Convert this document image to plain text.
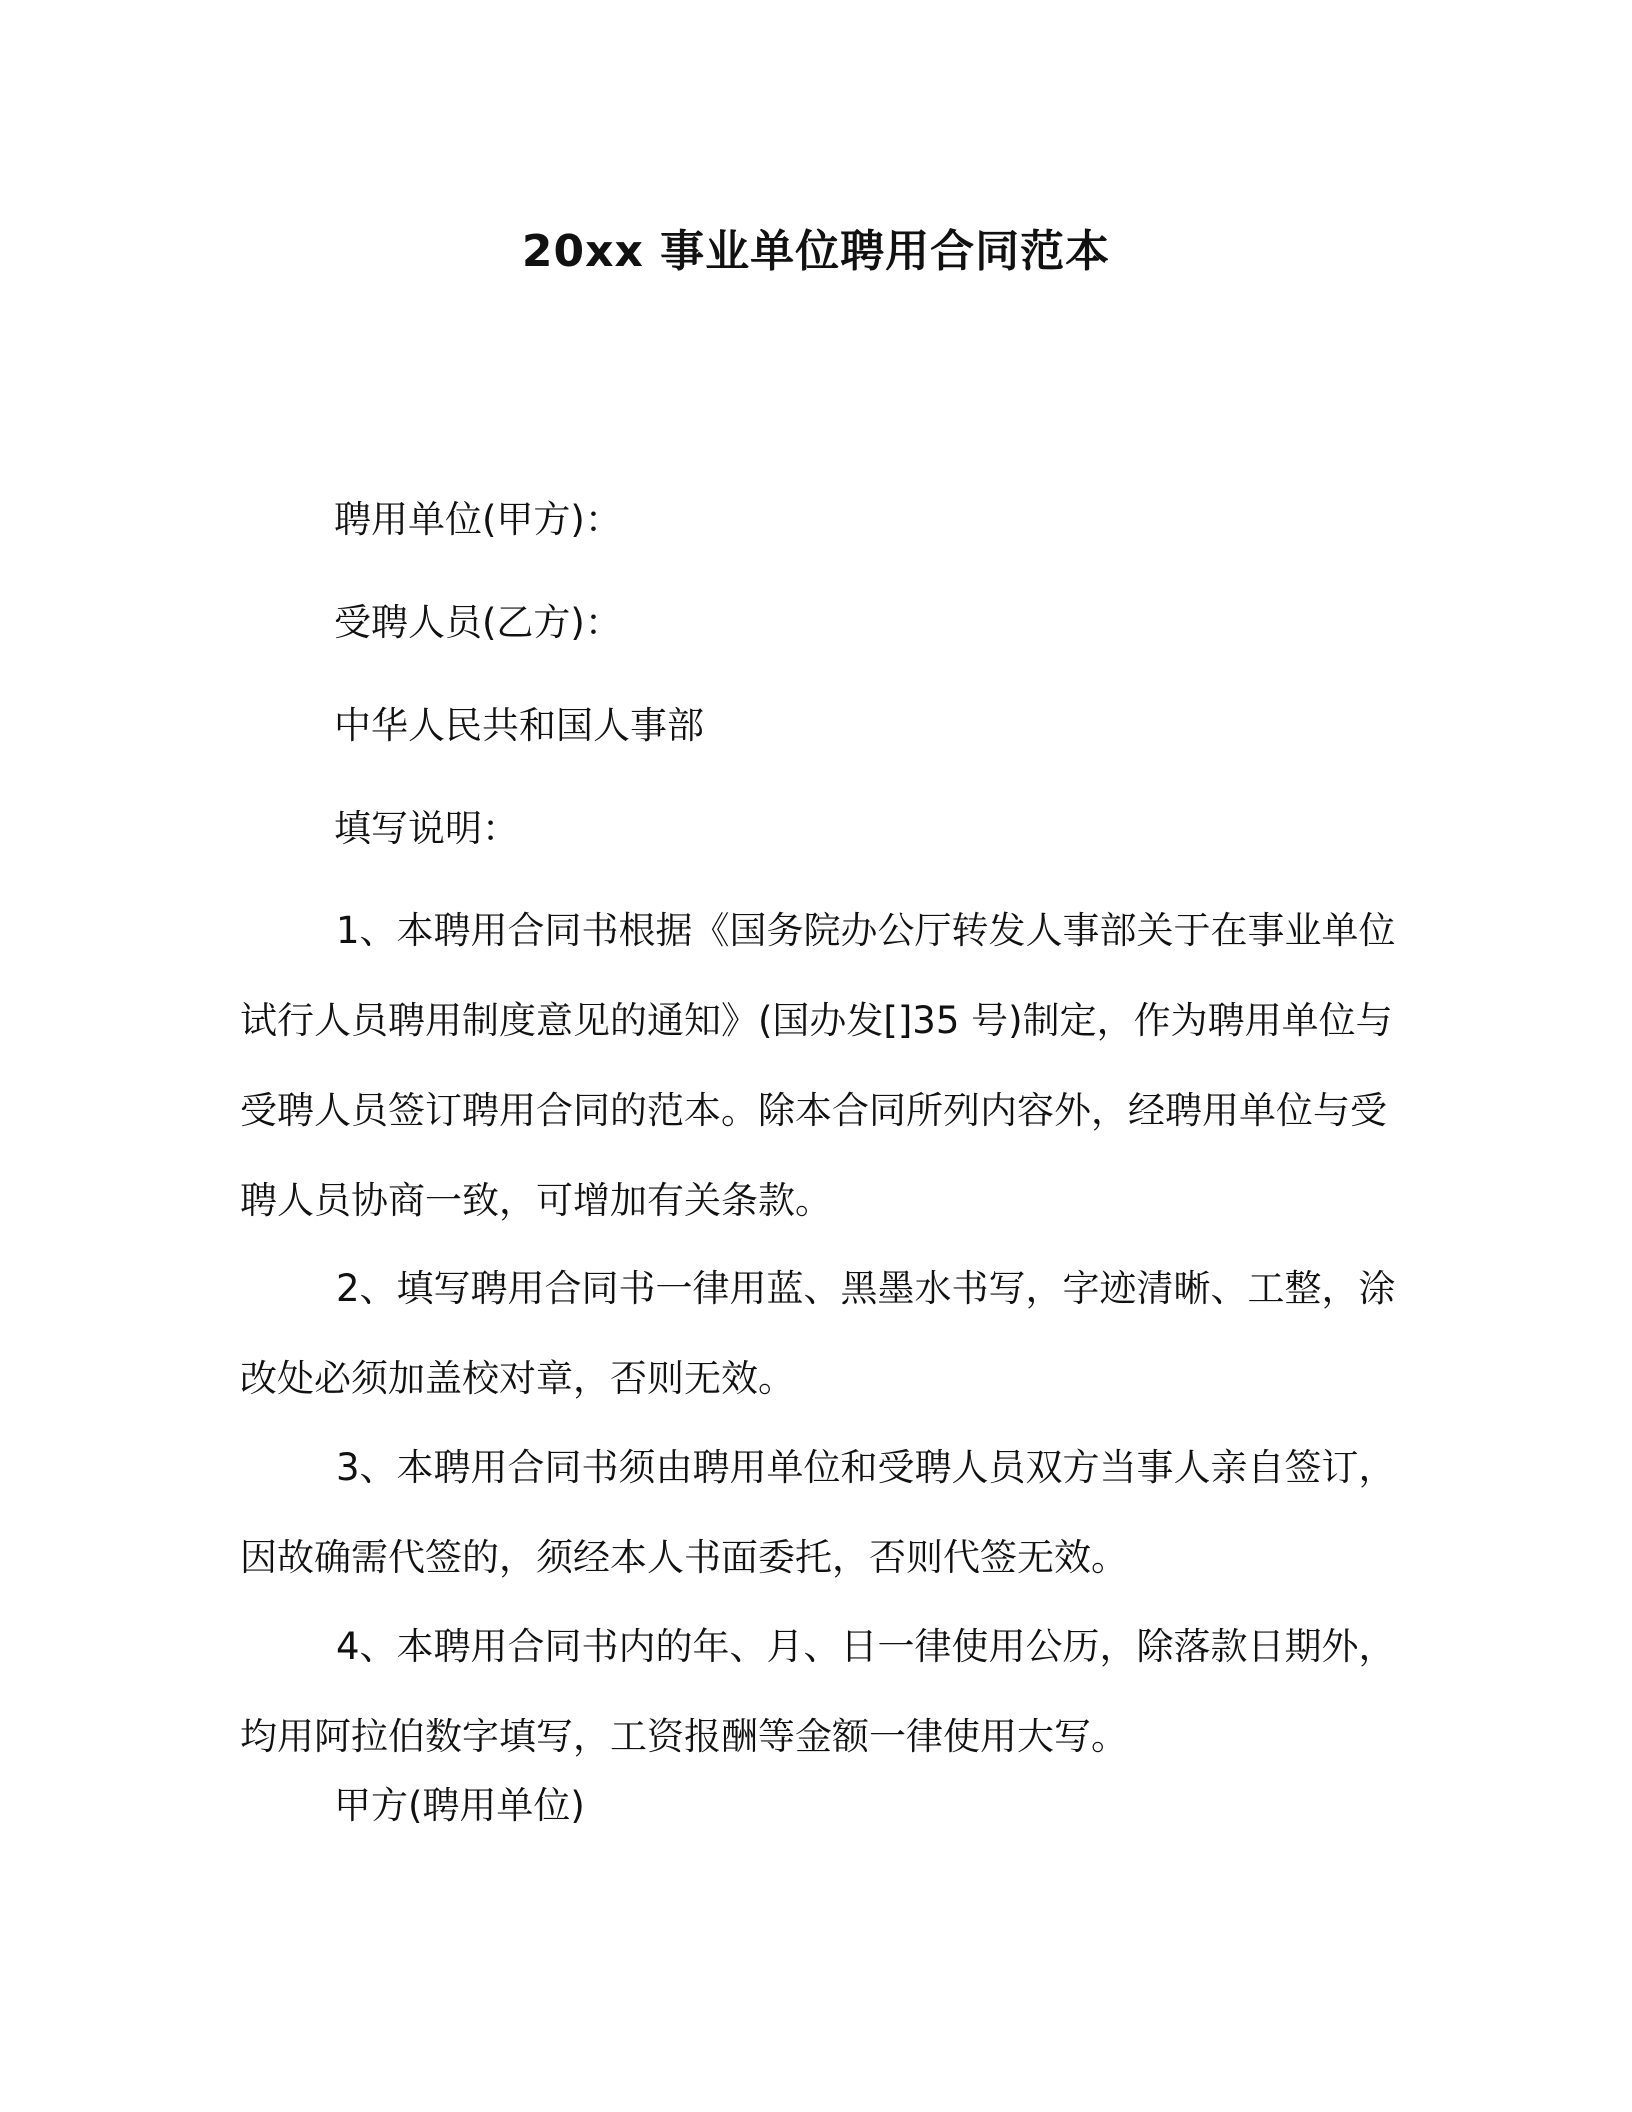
20xx 事业单位聘用合同范本
聘用单位(甲方)：
受聘人员(乙方)：
中华人民共和国人事部
填写说明：
1、本聘用合同书根据《国务院办公厅转发人事部关于在事业单位试行人员聘用制度意见的通知》(国办发[]35 号)制定，作为聘用单位与受聘人员签订聘用合同的范本。除本合同所列内容外，经聘用单位与受聘人员协商一致，可增加有关条款。
2、填写聘用合同书一律用蓝、黑墨水书写，字迹清晰、工整，涂改处必须加盖校对章，否则无效。
3、本聘用合同书须由聘用单位和受聘人员双方当事人亲自签订，因故确需代签的，须经本人书面委托，否则代签无效。
4、本聘用合同书内的年、月、日一律使用公历，除落款日期外，均用阿拉伯数字填写，工资报酬等金额一律使用大写。
甲方(聘用单位)
